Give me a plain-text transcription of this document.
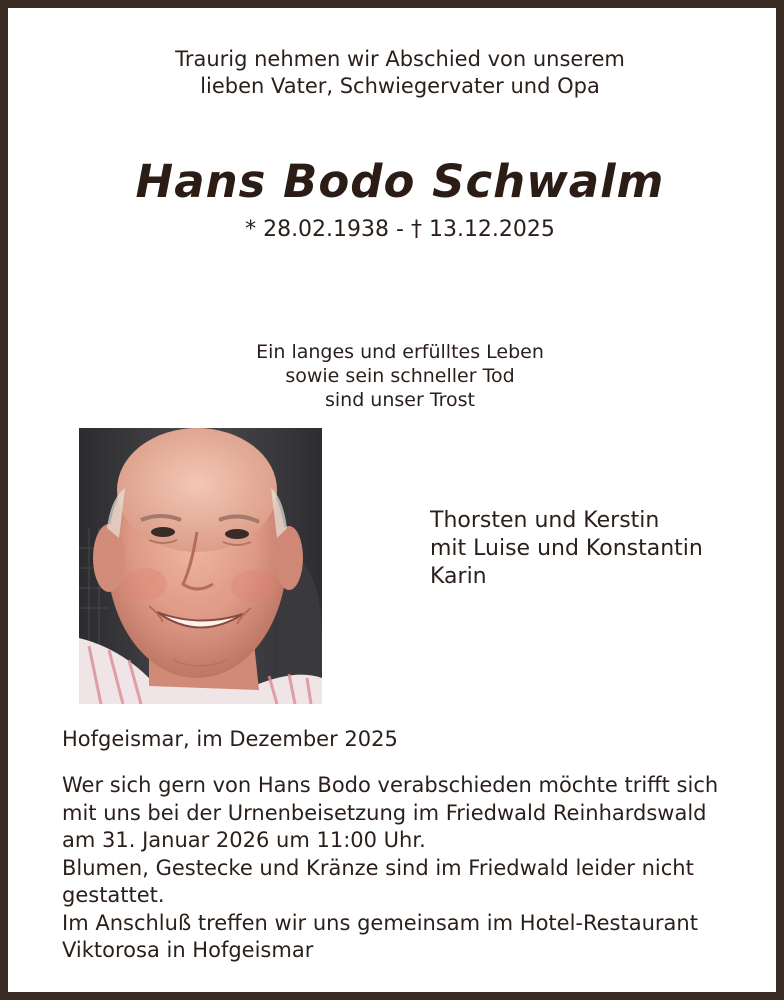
Traurig nehmen wir Abschied von unserem
lieben Vater, Schwiegervater und Opa
Hans Bodo Schwalm
* 28.02.1938 - † 13.12.2025
Ein langes und erfülltes Leben
sowie sein schneller Tod
sind unser Trost
Thorsten und Kerstin
mit Luise und Konstantin
Karin
Hofgeismar, im Dezember 2025
Wer sich gern von Hans Bodo verabschieden möchte trifft sich
mit uns bei der Urnenbeisetzung im Friedwald Reinhardswald
am 31. Januar 2026 um 11:00 Uhr.
Blumen, Gestecke und Kränze sind im Friedwald leider nicht
gestattet.
Im Anschluß treffen wir uns gemeinsam im Hotel-Restaurant
Viktorosa in Hofgeismar
